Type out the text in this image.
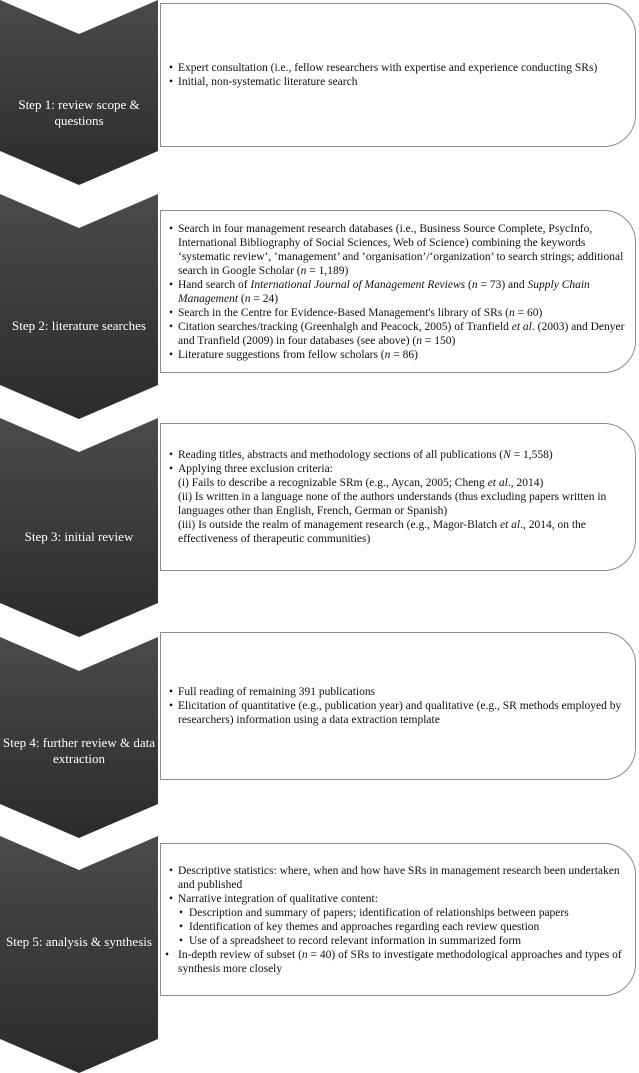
Step 1: review scope & questions
Step 2: literature searches
Step 3: initial review
Step 4: further review & data extraction
Step 5: analysis & synthesis
• Expert consultation (i.e., fellow researchers with expertise and experience conducting SRs)
• Initial, non-systematic literature search
• Search in four management research databases (i.e., Business Source Complete, PsycInfo, International Bibliography of Social Sciences, Web of Science) combining the keywords ‘systematic review’, ‘management’ and ‘organisation’/‘organization’ to search strings; additional search in Google Scholar (n = 1,189)
• Hand search of International Journal of Management Reviews (n = 73) and Supply Chain Management (n = 24)
• Search in the Centre for Evidence-Based Management's library of SRs (n = 60)
• Citation searches/tracking (Greenhalgh and Peacock, 2005) of Tranfield et al. (2003) and Denyer and Tranfield (2009) in four databases (see above) (n = 150)
• Literature suggestions from fellow scholars (n = 86)
• Reading titles, abstracts and methodology sections of all publications (N = 1,558)
• Applying three exclusion criteria:
(i) Fails to describe a recognizable SRm (e.g., Aycan, 2005; Cheng et al., 2014)
(ii) Is written in a language none of the authors understands (thus excluding papers written in languages other than English, French, German or Spanish)
(iii) Is outside the realm of management research (e.g., Magor-Blatch et al., 2014, on the effectiveness of therapeutic communities)
• Full reading of remaining 391 publications
• Elicitation of quantitative (e.g., publication year) and qualitative (e.g., SR methods employed by researchers) information using a data extraction template
• Descriptive statistics: where, when and how have SRs in management research been undertaken and published
• Narrative integration of qualitative content:
• Description and summary of papers; identification of relationships between papers
• Identification of key themes and approaches regarding each review question
• Use of a spreadsheet to record relevant information in summarized form
• In-depth review of subset (n = 40) of SRs to investigate methodological approaches and types of synthesis more closely
